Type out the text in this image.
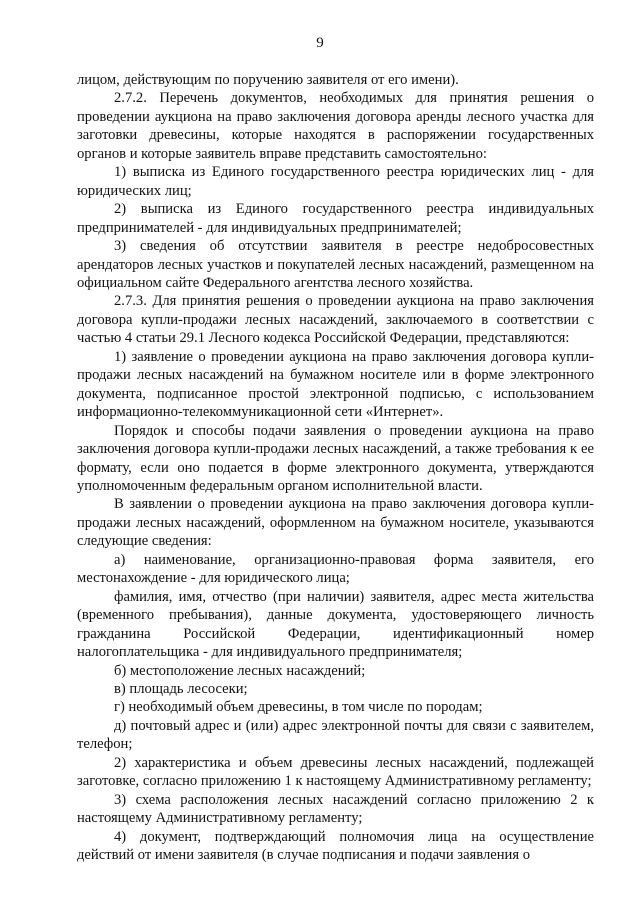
9

лицом, действующим по поручению заявителя от его имени).

2.7.2. Перечень документов, необходимых для принятия решения о проведении аукциона на право заключения договора аренды лесного участка для заготовки древесины, которые находятся в распоряжении государственных органов и которые заявитель вправе представить самостоятельно:

1) выписка из Единого государственного реестра юридических лиц - для юридических лиц;

2) выписка из Единого государственного реестра индивидуальных предпринимателей - для индивидуальных предпринимателей;

3) сведения об отсутствии заявителя в реестре недобросовестных арендаторов лесных участков и покупателей лесных насаждений, размещенном на официальном сайте Федерального агентства лесного хозяйства.

2.7.3. Для принятия решения о проведении аукциона на право заключения договора купли-продажи лесных насаждений, заключаемого в соответствии с частью 4 статьи 29.1 Лесного кодекса Российской Федерации, представляются:

1) заявление о проведении аукциона на право заключения договора купли-продажи лесных насаждений на бумажном носителе или в форме электронного документа, подписанное простой электронной подписью, с использованием информационно-телекоммуникационной сети «Интернет».

Порядок и способы подачи заявления о проведении аукциона на право заключения договора купли-продажи лесных насаждений, а также требования к ее формату, если оно подается в форме электронного документа, утверждаются уполномоченным федеральным органом исполнительной власти.

В заявлении о проведении аукциона на право заключения договора купли-продажи лесных насаждений, оформленном на бумажном носителе, указываются следующие сведения:

а) наименование, организационно-правовая форма заявителя, его местонахождение - для юридического лица;

фамилия, имя, отчество (при наличии) заявителя, адрес места жительства (временного пребывания), данные документа, удостоверяющего личность гражданина Российской Федерации, идентификационный номер налогоплательщика - для индивидуального предпринимателя;

б) местоположение лесных насаждений;

в) площадь лесосеки;

г) необходимый объем древесины, в том числе по породам;

д) почтовый адрес и (или) адрес электронной почты для связи с заявителем, телефон;

2) характеристика и объем древесины лесных насаждений, подлежащей заготовке, согласно приложению 1 к настоящему Административному регламенту;

3) схема расположения лесных насаждений согласно приложению 2 к настоящему Административному регламенту;

4) документ, подтверждающий полномочия лица на осуществление действий от имени заявителя (в случае подписания и подачи заявления о
